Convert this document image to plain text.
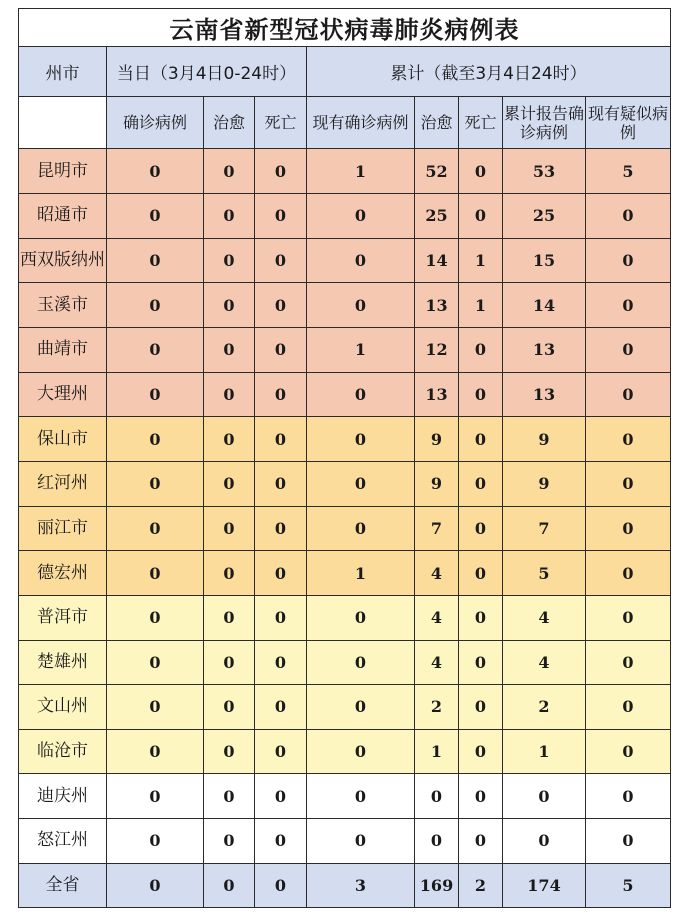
云南省新型冠状病毒肺炎病例表								
州市	当日（3月4日0-24时）			累计（截至3月4日24时）				
	确诊病例	治愈	死亡	现有确诊病例	治愈	死亡	累计报告确诊病例	现有疑似病例
昆明市	0	0	0	1	52	0	53	5
昭通市	0	0	0	0	25	0	25	0
西双版纳州	0	0	0	0	14	1	15	0
玉溪市	0	0	0	0	13	1	14	0
曲靖市	0	0	0	1	12	0	13	0
大理州	0	0	0	0	13	0	13	0
保山市	0	0	0	0	9	0	9	0
红河州	0	0	0	0	9	0	9	0
丽江市	0	0	0	0	7	0	7	0
德宏州	0	0	0	1	4	0	5	0
普洱市	0	0	0	0	4	0	4	0
楚雄州	0	0	0	0	4	0	4	0
文山州	0	0	0	0	2	0	2	0
临沧市	0	0	0	0	1	0	1	0
迪庆州	0	0	0	0	0	0	0	0
怒江州	0	0	0	0	0	0	0	0
全省	0	0	0	3	169	2	174	5
